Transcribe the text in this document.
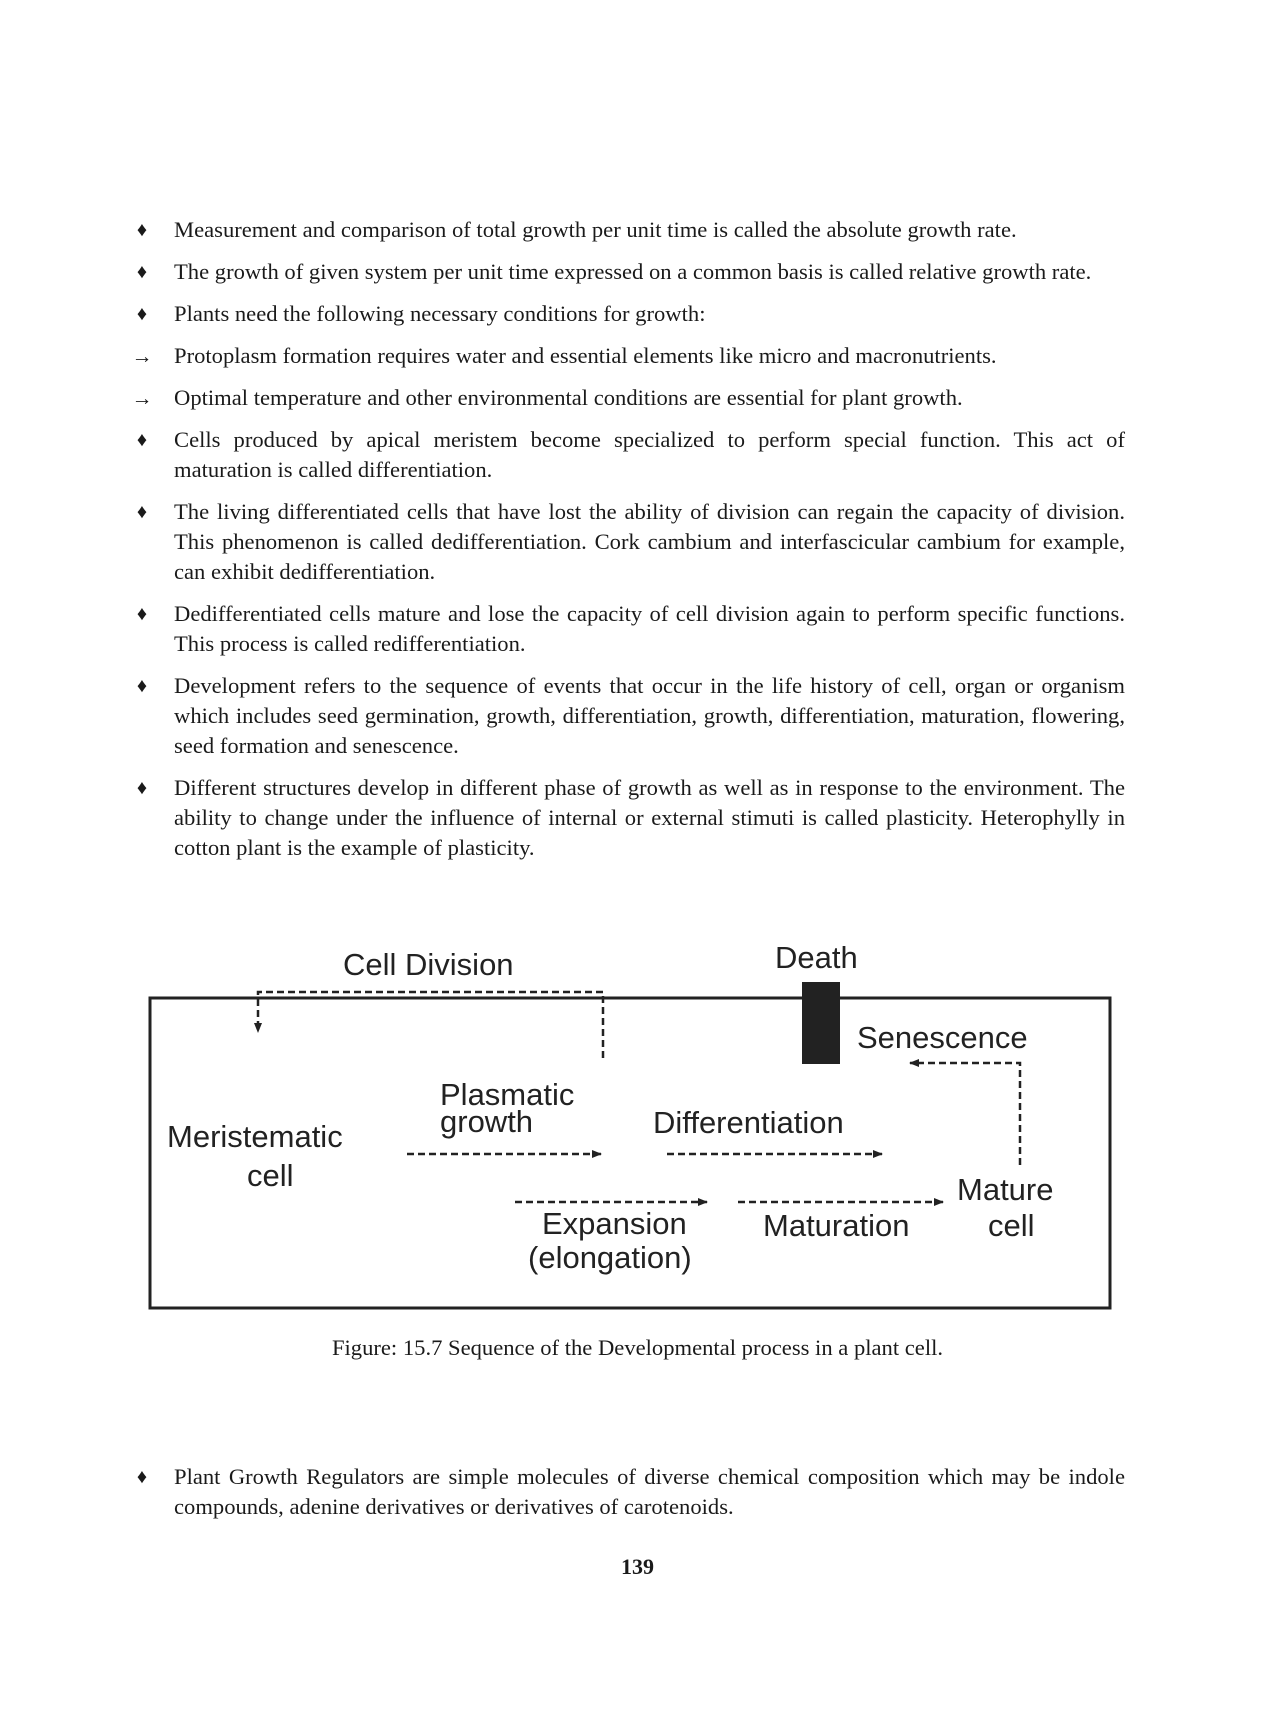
♦	Measurement and comparison of total growth per unit time is called the absolute growth rate.
♦	The growth of given system per unit time expressed on a common basis is called relative growth rate.
♦	Plants need the following necessary conditions for growth:
→ Protoplasm formation requires water and essential elements like micro and macronutrients.
→ Optimal temperature and other environmental conditions are essential for plant growth.
♦	Cells produced by apical meristem become specialized to perform special function. This act of maturation is called differentiation.
♦	The living differentiated cells that have lost the ability of division can regain the capacity of division. This phenomenon is called dedifferentiation. Cork cambium and interfascicular cambium for example, can exhibit dedifferentiation.
♦	Dedifferentiated cells mature and lose the capacity of cell division again to perform specific functions. This process is called redifferentiation.
♦	Development refers to the sequence of events that occur in the life history of cell, organ or organism which includes seed germination, growth, differentiation, growth, differentiation, maturation, flowering, seed formation and senescence.
♦	Different structures develop in different phase of growth as well as in response to the environment. The ability to change under the influence of internal or external stimuti is called plasticity. Heterophylly in cotton plant is the example of plasticity.
Cell Division	Death
Senescence
Plasmatic
growth	Differentiation
Meristematic
cell	Mature
cell
Expansion
(elongation)
Maturation
Figure: 15.7 Sequence of the Developmental process in a plant cell.
♦	Plant Growth Regulators are simple molecules of diverse chemical composition which may be indole compounds, adenine derivatives or derivatives of carotenoids.
139
